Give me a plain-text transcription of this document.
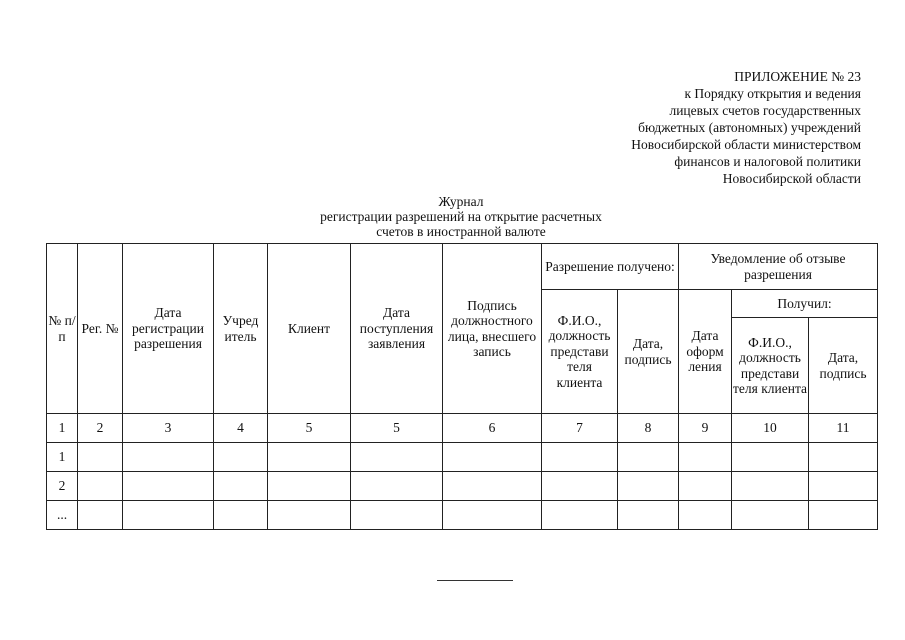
ПРИЛОЖЕНИЕ № 23
к Порядку открытия и ведения
лицевых счетов государственных
бюджетных (автономных) учреждений
Новосибирской области министерством
финансов и налоговой политики
Новосибирской области
Журнал
регистрации разрешений на открытие расчетных
счетов в иностранной валюте
№ п/п	Рег. №	Дата регистрации разрешения	Учред итель	Клиент	Дата поступления заявления	Подпись должностного лица, внесшего запись	Разрешение получено:		Уведомление об отзыве разрешения		
							Ф.И.О., должность представи теля клиента	Дата, подпись	Дата оформ ления	Получил:	
										Ф.И.О., должность представи теля клиента	Дата, подпись
1	2	3	4	5	5	6	7	8	9	10	11
1											
2											
...											
